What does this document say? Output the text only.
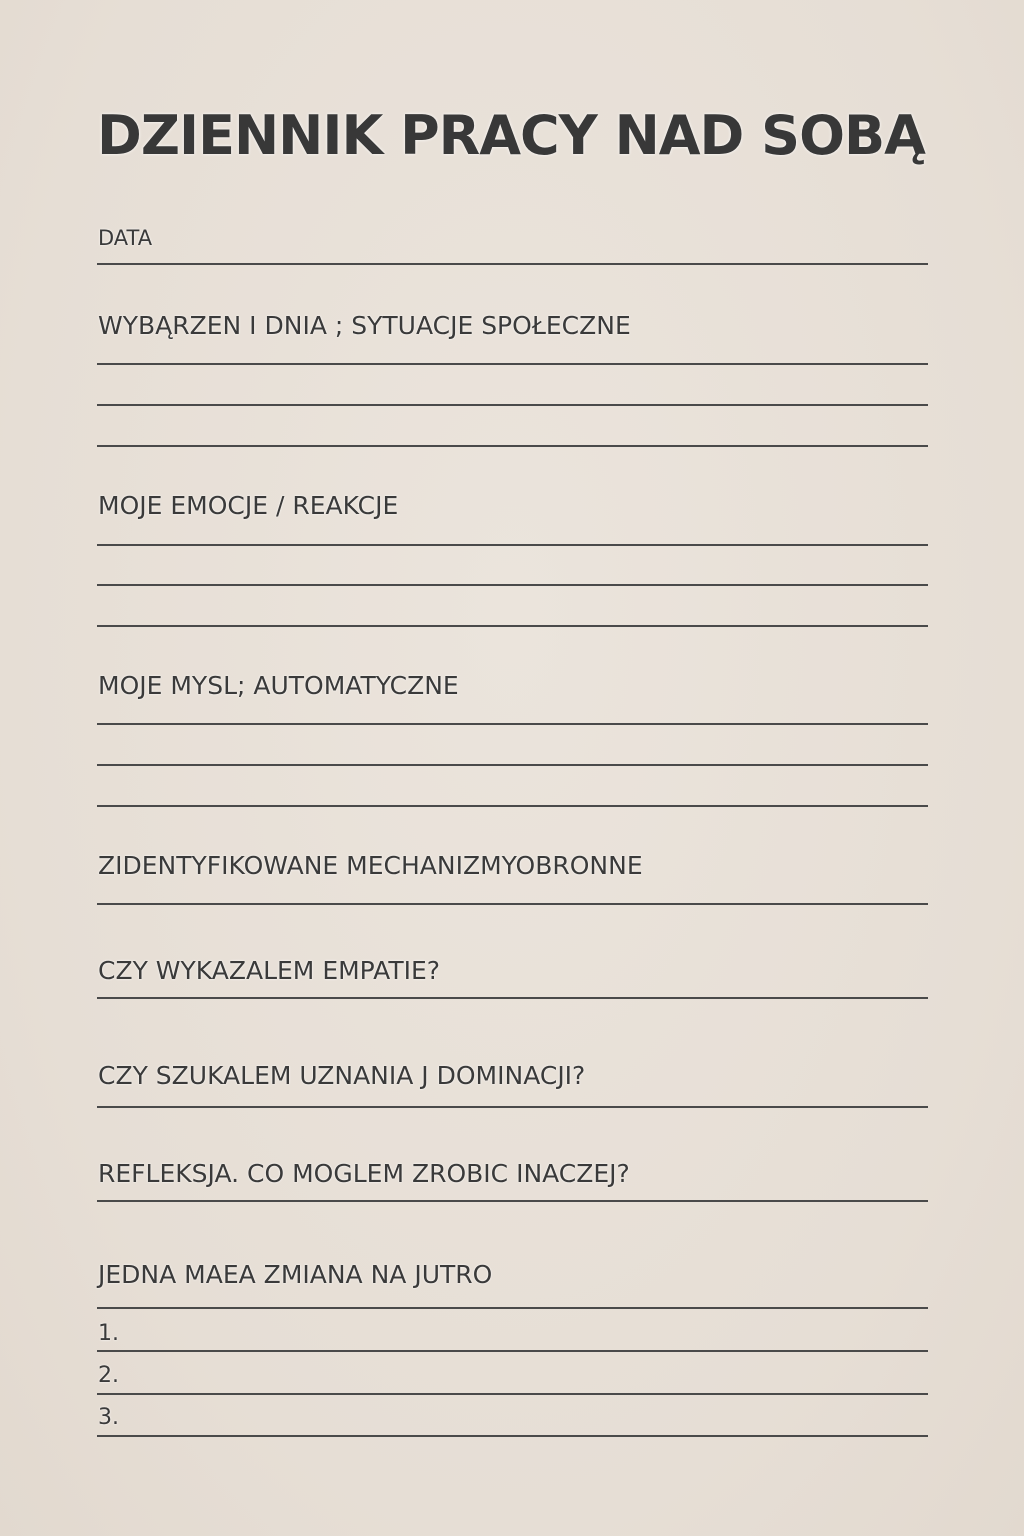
DZIENNIK PRACY NAD SOBĄ
DATA
WYBĄRZEN I DNIA ; SYTUACJE SPOŁECZNE
MOJE EMOCJE / REAKCJE
MOJE MYSL; AUTOMATYCZNE
ZIDENTYFIKOWANE MECHANIZMYOBRONNE
CZY WYKAZALEM EMPATIE?
CZY SZUKALEM UZNANIA J DOMINACJI?
REFLEKSJA. CO MOGLEM ZROBIC INACZEJ?
JEDNA MAEA ZMIANA NA JUTRO
1.
2.
3.
